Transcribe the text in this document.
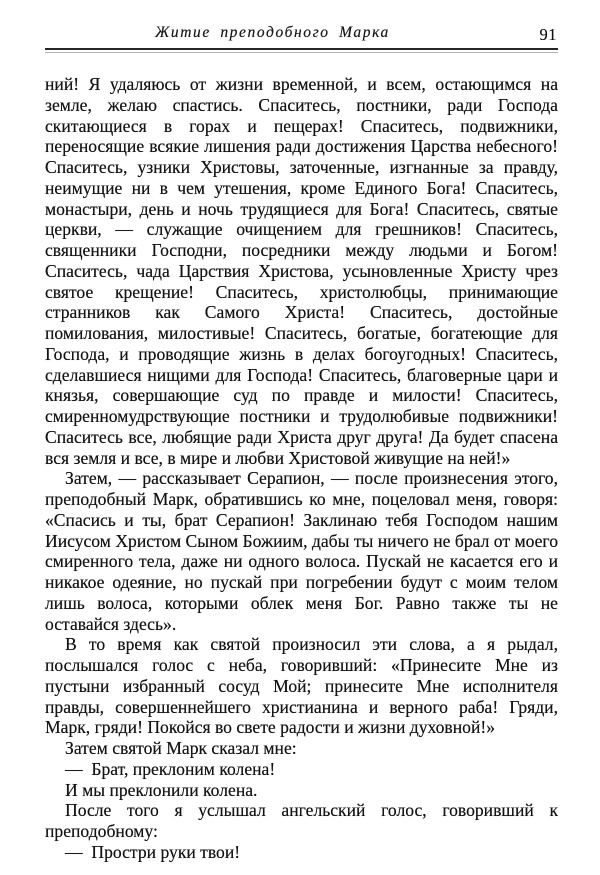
Житие преподобного Марка	91

ний! Я удаляюсь от жизни временной, и всем, остающимся на земле, желаю спастись. Спаситесь, постники, ради Господа скитающиеся в горах и пещерах! Спаситесь, подвижники, переносящие всякие лишения ради достижения Царства небесного! Спаситесь, узники Христовы, заточенные, изгнанные за правду, неимущие ни в чем утешения, кроме Единого Бога! Спаситесь, монастыри, день и ночь трудящиеся для Бога! Спаситесь, святые церкви, — служащие очищением для грешников! Спаситесь, священники Господни, посредники между людьми и Богом! Спаситесь, чада Царствия Христова, усыновленные Христу чрез святое крещение! Спаситесь, христолюбцы, принимающие странников как Самого Христа! Спаситесь, достойные помилования, милостивые! Спаситесь, богатые, богатеющие для Господа, и проводящие жизнь в делах богоугодных! Спаситесь, сделавшиеся нищими для Господа! Спаситесь, благоверные цари и князья, совершающие суд по правде и милости! Спаситесь, смиренномудрствующие постники и трудолюбивые подвижники! Спаситесь все, любящие ради Христа друг друга! Да будет спасена вся земля и все, в мире и любви Христовой живущие на ней!»

Затем, — рассказывает Серапион, — после произнесения этого, преподобный Марк, обратившись ко мне, поцеловал меня, говоря: «Спасись и ты, брат Серапион! Заклинаю тебя Господом нашим Иисусом Христом Сыном Божиим, дабы ты ничего не брал от моего смиренного тела, даже ни одного волоса. Пускай не касается его и никакое одеяние, но пускай при погребении будут с моим телом лишь волоса, которыми облек меня Бог. Равно также ты не оставайся здесь».

В то время как святой произносил эти слова, а я рыдал, послышался голос с неба, говоривший: «Принесите Мне из пустыни избранный сосуд Мой; принесите Мне исполнителя правды, совершеннейшего христианина и верного раба! Гряди, Марк, гряди! Покойся во свете радости и жизни духовной!»

Затем святой Марк сказал мне:

— Брат, преклоним колена!

И мы преклонили колена.

После того я услышал ангельский голос, говоривший к преподобному:

— Простри руки твои!
